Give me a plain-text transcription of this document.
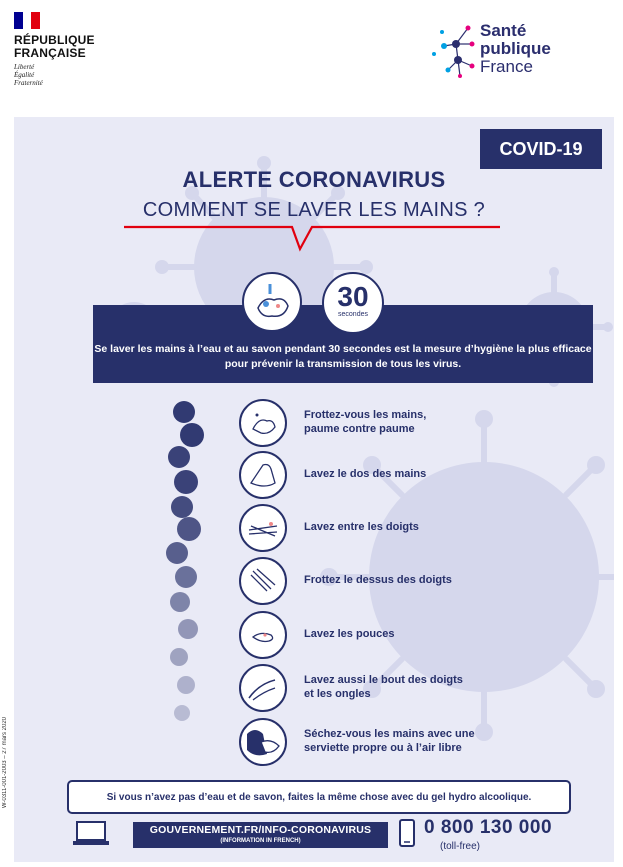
RÉPUBLIQUE
FRANÇAISE
Liberté
Égalité
Fraternité
Santé
publique
France
COVID-19
ALERTE CORONAVIRUS
COMMENT SE LAVER LES MAINS ?
Se laver les mains à l’eau et au savon pendant 30 secondes est la mesure d’hygiène la plus efficace pour prévenir la transmission de tous les virus.
30
secondes
Frottez-vous les mains,
paume contre paume
Lavez le dos des mains
Lavez entre les doigts
Frottez le dessus des doigts
Lavez les pouces
Lavez aussi le bout des doigts
et les ongles
Séchez-vous les mains avec une
serviette propre ou à l’air libre
Si vous n’avez pas d’eau et de savon, faites la même chose avec du gel hydro alcoolique.
GOUVERNEMENT.FR/INFO-CORONAVIRUS
(INFORMATION IN FRENCH)
0 800 130 000
(toll-free)
W-0311-001-2003 – 27 mars 2020
